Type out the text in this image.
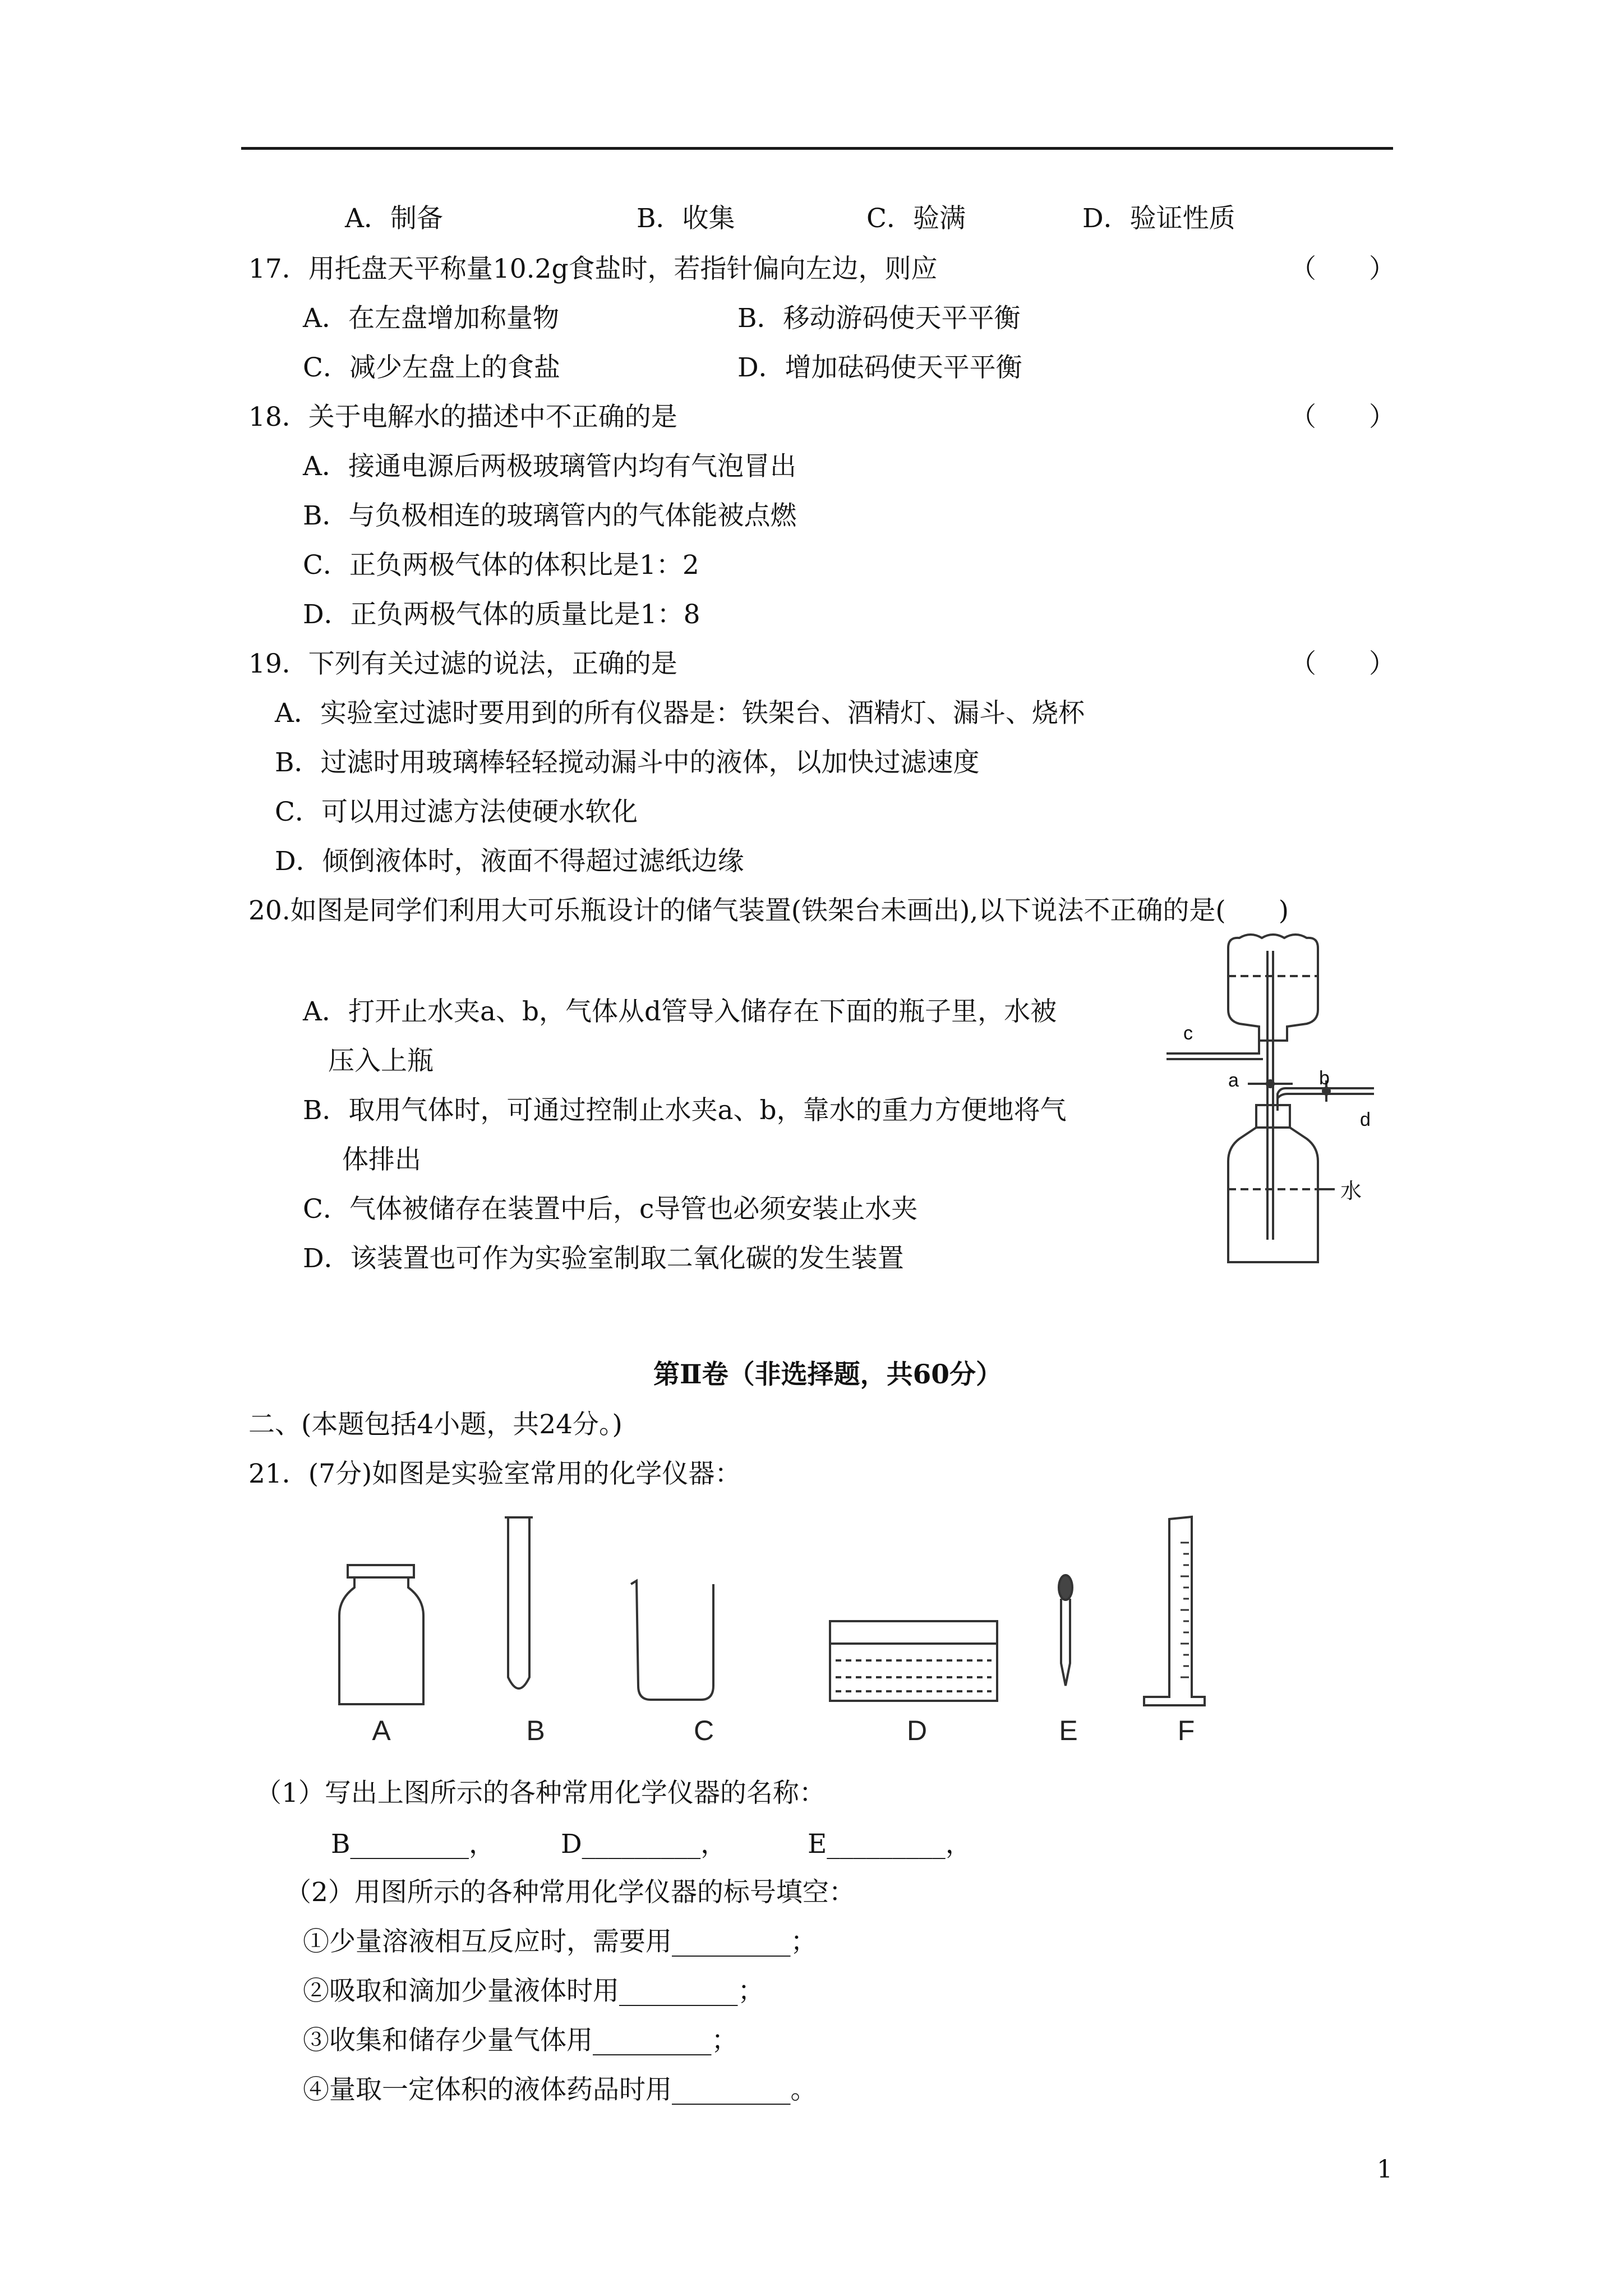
A．制备	B．收集	C．验满	D．验证性质
17．用托盘天平称量10.2g食盐时，若指针偏向左边，则应	（　　）
A．在左盘增加称量物	B．移动游码使天平平衡
C．减少左盘上的食盐	D．增加砝码使天平平衡
18．关于电解水的描述中不正确的是	（　　）
A．接通电源后两极玻璃管内均有气泡冒出
B．与负极相连的玻璃管内的气体能被点燃
C．正负两极气体的体积比是1：2
D．正负两极气体的质量比是1：8
19．下列有关过滤的说法，正确的是	（　　）
A．实验室过滤时要用到的所有仪器是：铁架台、酒精灯、漏斗、烧杯
B．过滤时用玻璃棒轻轻搅动漏斗中的液体，以加快过滤速度
C．可以用过滤方法使硬水软化
D．倾倒液体时，液面不得超过滤纸边缘
20.如图是同学们利用大可乐瓶设计的储气装置(铁架台未画出),以下说法不正确的是(　　)
A．打开止水夹a、b，气体从d管导入储存在下面的瓶子里，水被
压入上瓶
B．取用气体时，可通过控制止水夹a、b，靠水的重力方便地将气
体排出
C．气体被储存在装置中后，c导管也必须安装止水夹
D．该装置也可作为实验室制取二氧化碳的发生装置
c
a	b
d
水
第Ⅱ卷（非选择题，共60分）
二、(本题包括4小题，共24分。)
21．(7分)如图是实验室常用的化学仪器：
A	B	C	D	E	F
（1）写出上图所示的各种常用化学仪器的名称：
B_________， D_________，	E_________，
（2）用图所示的各种常用化学仪器的标号填空：
①少量溶液相互反应时，需要用_________；
②吸取和滴加少量液体时用_________；
③收集和储存少量气体用_________；
④量取一定体积的液体药品时用_________。
1
